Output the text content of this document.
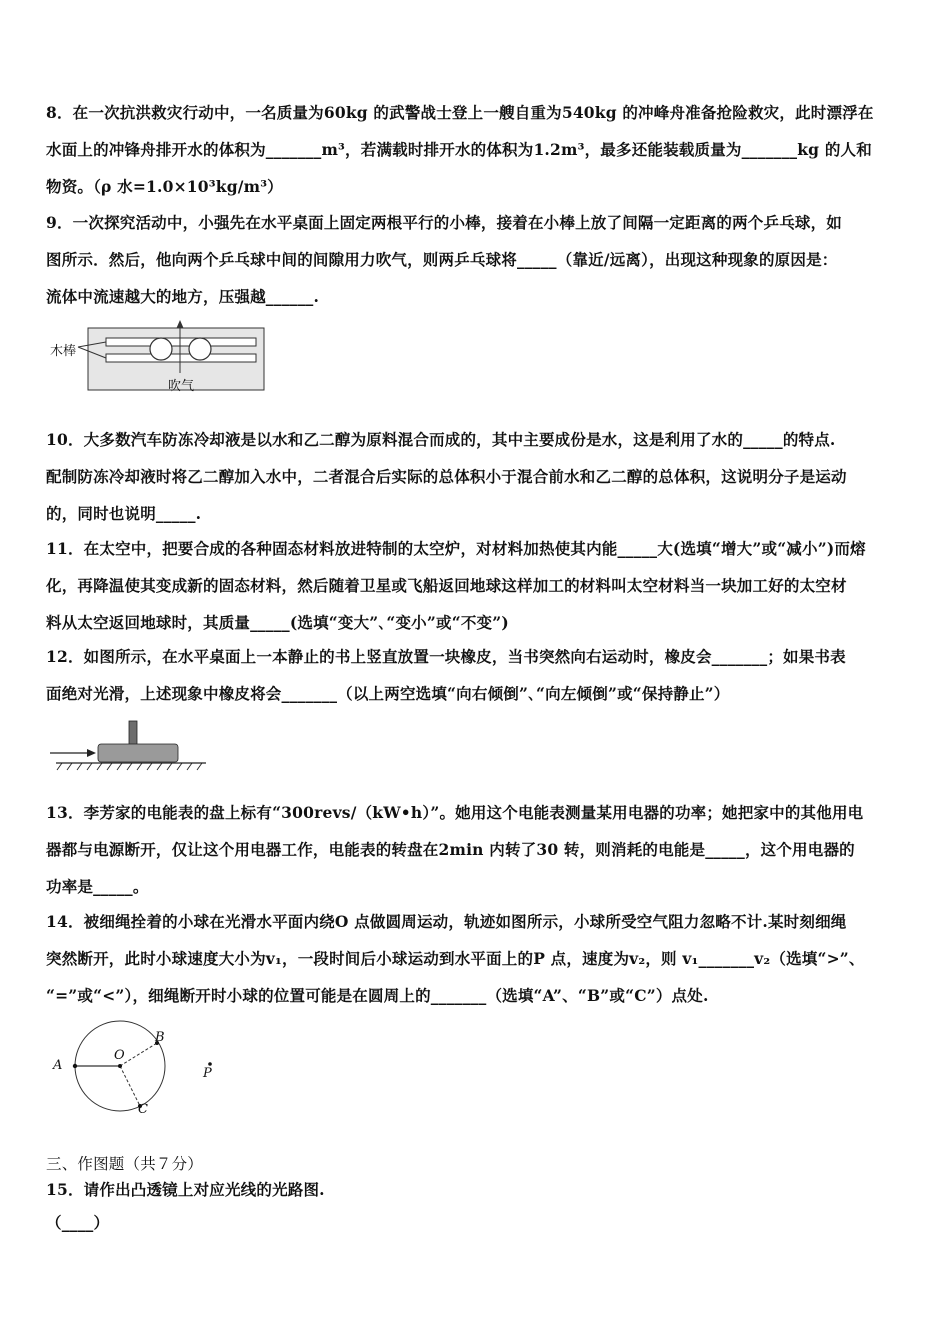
8．在一次抗洪救灾行动中，一名质量为60kg 的武警战士登上一艘自重为540kg 的冲峰舟准备抢险救灾，此时漂浮在
水面上的冲锋舟排开水的体积为_______m³，若满载时排开水的体积为1.2m³，最多还能装载质量为_______kg 的人和
物资。（ρ 水=1.0×10³kg/m³）
9．一次探究活动中，小强先在水平桌面上固定两根平行的小棒，接着在小棒上放了间隔一定距离的两个乒乓球，如
图所示．然后，他向两个乒乓球中间的间隙用力吹气，则两乒乓球将_____（靠近/远离），出现这种现象的原因是：
流体中流速越大的地方，压强越______.
木棒
吹气
10．大多数汽车防冻冷却液是以水和乙二醇为原料混合而成的，其中主要成份是水，这是利用了水的_____的特点.
配制防冻冷却液时将乙二醇加入水中，二者混合后实际的总体积小于混合前水和乙二醇的总体积，这说明分子是运动
的，同时也说明_____.
11．在太空中，把要合成的各种固态材料放进特制的太空炉，对材料加热使其内能_____大(选填“增大”或“减小”)而熔
化，再降温使其变成新的固态材料，然后随着卫星或飞船返回地球这样加工的材料叫太空材料当一块加工好的太空材
料从太空返回地球时，其质量_____(选填“变大”､“变小”或“不变”)
12．如图所示，在水平桌面上一本静止的书上竖直放置一块橡皮，当书突然向右运动时，橡皮会_______；如果书表
面绝对光滑，上述现象中橡皮将会_______（以上两空选填“向右倾倒”､“向左倾倒”或“保持静止”）
13．李芳家的电能表的盘上标有“300revs/（kW•h）”。她用这个电能表测量某用电器的功率；她把家中的其他用电
器都与电源断开，仅让这个用电器工作，电能表的转盘在2min 内转了30 转，则消耗的电能是_____，这个用电器的
功率是_____。
14．被细绳拴着的小球在光滑水平面内绕O 点做圆周运动，轨迹如图所示，小球所受空气阻力忽略不计.某时刻细绳
突然断开，此时小球速度大小为v₁，一段时间后小球运动到水平面上的P 点，速度为v₂，则 v₁_______v₂（选填“>”、
“=”或“<”），细绳断开时小球的位置可能是在圆周上的_______（选填“A”、“B”或“C”）点处.
A
O
B
C
P
三、作图题（共７分）
15．请作出凸透镜上对应光线的光路图.
（____）
